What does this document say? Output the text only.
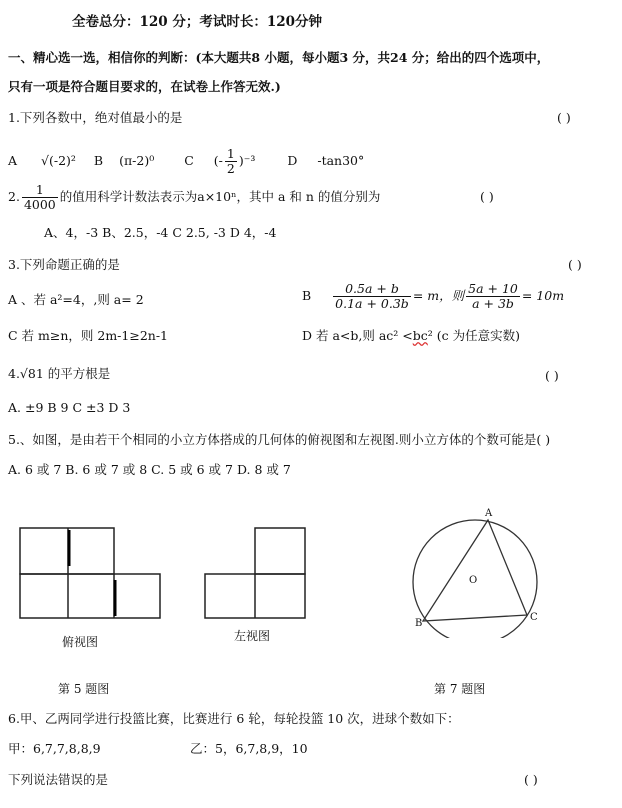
全卷总分：120 分；考试时长：120分钟
一、精心选一选，相信你的判断：(本大题共8 小题，每小题3 分，共24 分；给出的四个选项中，
只有一项是符合题目要求的，在试卷上作答无效.)
1.下列各数中，绝对值最小的是	( )
A √(-2)² B (π-2)⁰ C (- $\frac{1}{2} )^{-3}$	D -tan30°
2. $\frac{1}{4000}$ 的值用科学计数法表示为a×10ⁿ，其中 a 和 n 的值分别为	( )
A、4，-3 B、2.5，-4 C 2.5, -3 D 4，-4
3.下列命题正确的是	( )
A 、若 a²=4，,则 a= 2	B $\frac{0.5a + b}{0.1a + 0.3b} = m$，则 $\frac{5a + 10}{a + 3b} = 10m$
C 若 m≥n，则 2m-1≥2n-1	D 若 a<b,则 ac² <bc² (c 为任意实数)
4.√81 的平方根是	( )
A. ±9 B 9 C ±3 D 3
5.、如图，是由若干个相同的小立方体搭成的几何体的俯视图和左视图.则小立方体的个数可能是( )
A. 6 或 7 B. 6 或 7 或 8 C. 5 或 6 或 7 D. 8 或 7
俯视图	左视图
A
B
C
O
第 5 题图	第 7 题图
6.甲、乙两同学进行投篮比赛，比赛进行 6 轮，每轮投篮 10 次，进球个数如下：
甲：6,7,7,8,8,9	乙：5，6,7,8,9，10
下列说法错误的是	( )
